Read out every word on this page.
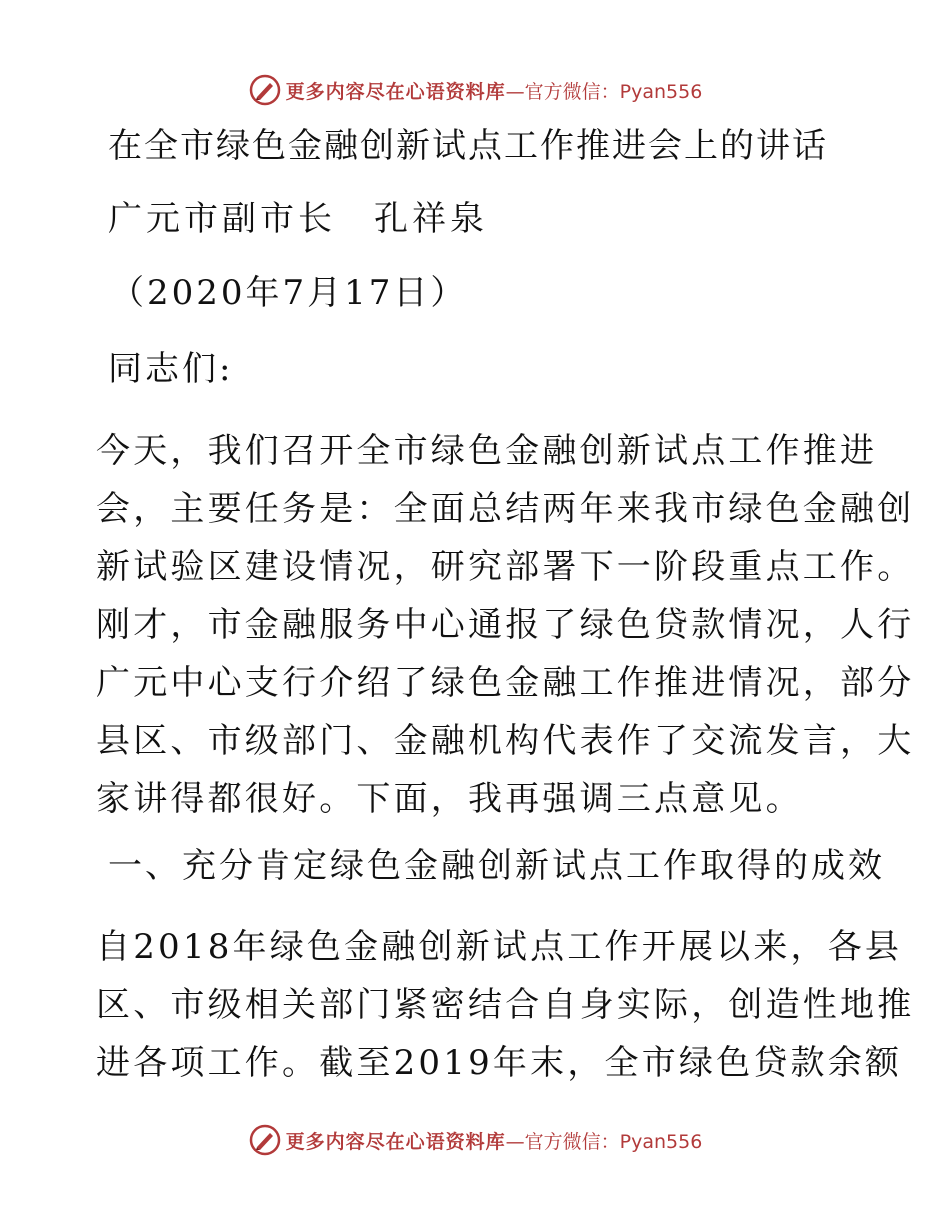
更多内容尽在心语资料库 —官方微信：Pyan556
在全市绿色金融创新试点工作推进会上的讲话
广元市副市长　孔祥泉
（2020年7月17日）
同志们:
今天，我们召开全市绿色金融创新试点工作推进
会，主要任务是：全面总结两年来我市绿色金融创
新试验区建设情况，研究部署下一阶段重点工作。
刚才，市金融服务中心通报了绿色贷款情况，人行
广元中心支行介绍了绿色金融工作推进情况，部分
县区、市级部门、金融机构代表作了交流发言，大
家讲得都很好。下面，我再强调三点意见。
一、充分肯定绿色金融创新试点工作取得的成效
自2018年绿色金融创新试点工作开展以来，各县
区、市级相关部门紧密结合自身实际，创造性地推
进各项工作。截至2019年末，全市绿色贷款余额
更多内容尽在心语资料库 —官方微信：Pyan556
